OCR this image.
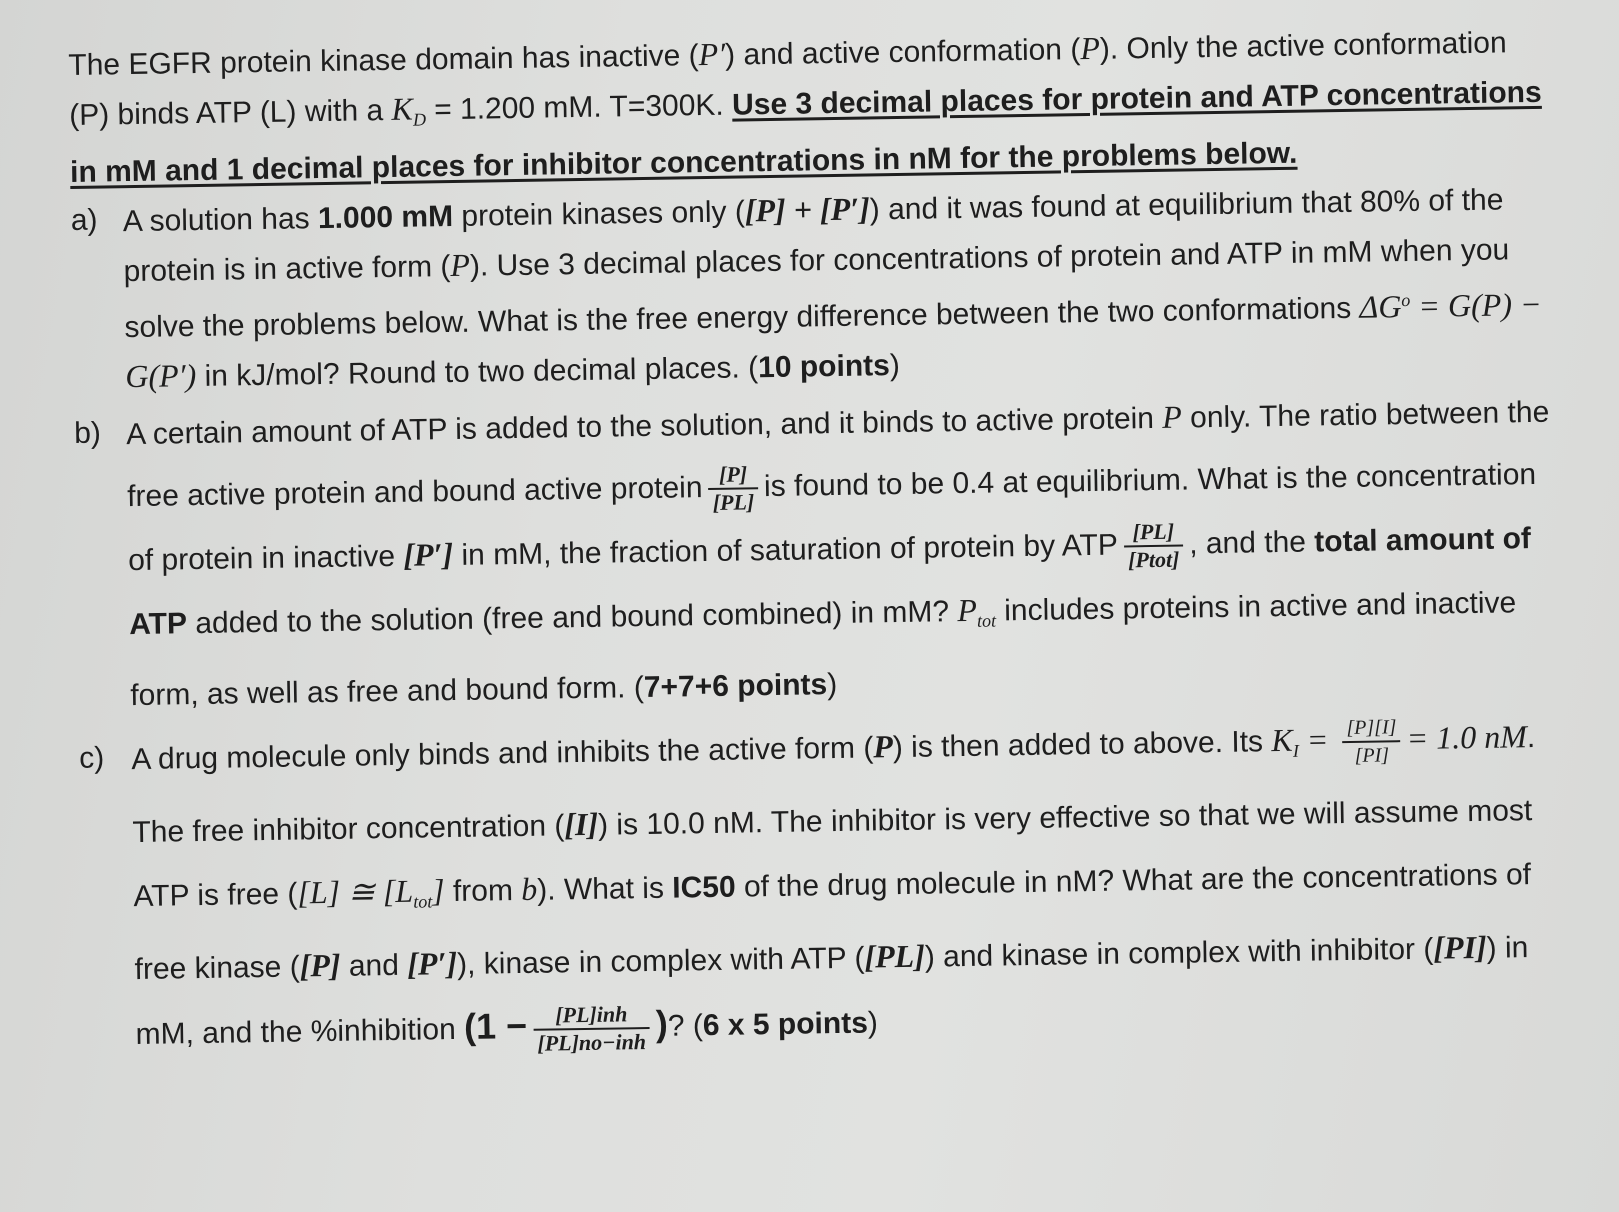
The EGFR protein kinase domain has inactive (P′) and active conformation (P). Only the active conformation (P) binds ATP (L) with a $K_D = 1.200$ mM. T=300K. Use 3 decimal places for protein and ATP concentrations in mM and 1 decimal places for inhibitor concentrations in nM for the problems below.

a) A solution has 1.000 mM protein kinases only ([P] + [P′]) and it was found at equilibrium that 80% of the protein is in active form (P). Use 3 decimal places for concentrations of protein and ATP in mM when you solve the problems below. What is the free energy difference between the two conformations $\Delta G^o = G(P) - G(P')$ in kJ/mol? Round to two decimal places. (10 points)
b) A certain amount of ATP is added to the solution, and it binds to active protein P only. The ratio between the free active protein and bound active protein $\frac{[P]}{[PL]}$ is found to be 0.4 at equilibrium. What is the concentration of protein in inactive [P′] in mM, the fraction of saturation of protein by ATP $\frac{[PL]}{\text{[Ptot]}}$ , and the total amount of ATP added to the solution (free and bound combined) in mM? $P_{tot}$ includes proteins in active and inactive form, as well as free and bound form. (7+7+6 points)
c) A drug molecule only binds and inhibits the active form (P) is then added to above. Its $K_I = \frac{[P][I]}{[PI]} = 1.0$ nM. The free inhibitor concentration ([I]) is 10.0 nM. The inhibitor is very effective so that we will assume most ATP is free ([L] ≅ $[L_{tot}]$ from b). What is IC50 of the drug molecule in nM? What are the concentrations of free kinase ([P] and [P′]), kinase in complex with ATP ([PL]) and kinase in complex with inhibitor ([PI]) in mM, and the %inhibition ($1 - \frac{\text{[PL]inh}}{\text{[PL]no−inh}}$ )? (6 x 5 points)
